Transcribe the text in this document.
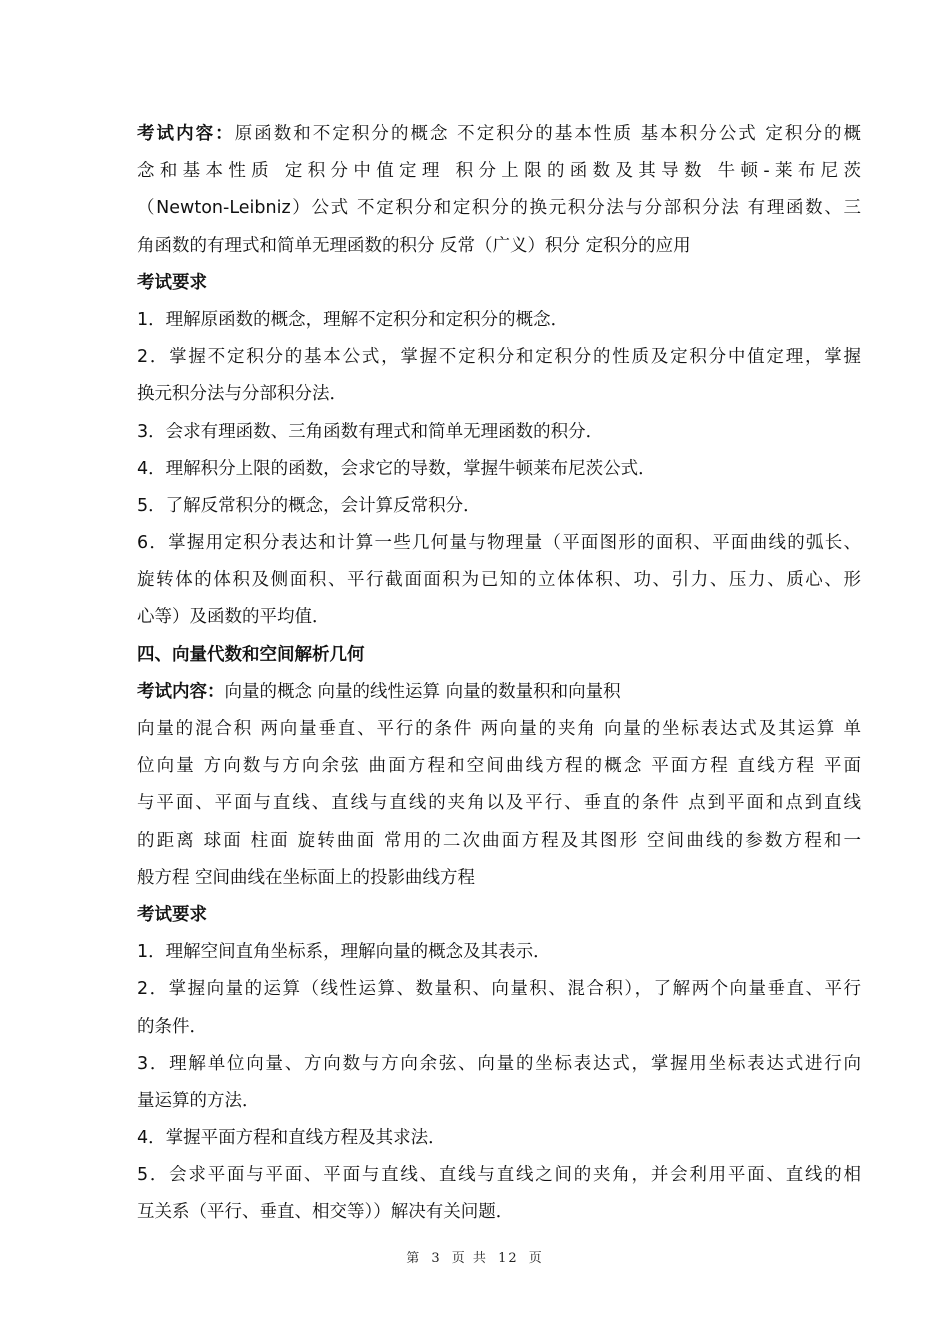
考试内容：原函数和不定积分的概念 不定积分的基本性质 基本积分公式 定积分的概
念和基本性质 定积分中值定理 积分上限的函数及其导数 牛顿-莱布尼茨
（Newton-Leibniz）公式 不定积分和定积分的换元积分法与分部积分法 有理函数、三
角函数的有理式和简单无理函数的积分 反常（广义）积分 定积分的应用
考试要求
1．理解原函数的概念，理解不定积分和定积分的概念．
2．掌握不定积分的基本公式，掌握不定积分和定积分的性质及定积分中值定理，掌握
换元积分法与分部积分法．
3．会求有理函数、三角函数有理式和简单无理函数的积分．
4．理解积分上限的函数，会求它的导数，掌握牛顿莱布尼茨公式．
5．了解反常积分的概念，会计算反常积分．
6．掌握用定积分表达和计算一些几何量与物理量（平面图形的面积、平面曲线的弧长、
旋转体的体积及侧面积、平行截面面积为已知的立体体积、功、引力、压力、质心、形
心等）及函数的平均值．
四、向量代数和空间解析几何
考试内容：向量的概念 向量的线性运算 向量的数量积和向量积
向量的混合积 两向量垂直、平行的条件 两向量的夹角 向量的坐标表达式及其运算 单
位向量 方向数与方向余弦 曲面方程和空间曲线方程的概念 平面方程 直线方程 平面
与平面、平面与直线、直线与直线的夹角以及平行、垂直的条件 点到平面和点到直线
的距离 球面 柱面 旋转曲面 常用的二次曲面方程及其图形 空间曲线的参数方程和一
般方程 空间曲线在坐标面上的投影曲线方程
考试要求
1．理解空间直角坐标系，理解向量的概念及其表示．
2．掌握向量的运算（线性运算、数量积、向量积、混合积），了解两个向量垂直、平行
的条件．
3．理解单位向量、方向数与方向余弦、向量的坐标表达式，掌握用坐标表达式进行向
量运算的方法．
4．掌握平面方程和直线方程及其求法．
5．会求平面与平面、平面与直线、直线与直线之间的夹角，并会利用平面、直线的相
互关系（平行、垂直、相交等））解决有关问题．
第 3 页 共 12 页
